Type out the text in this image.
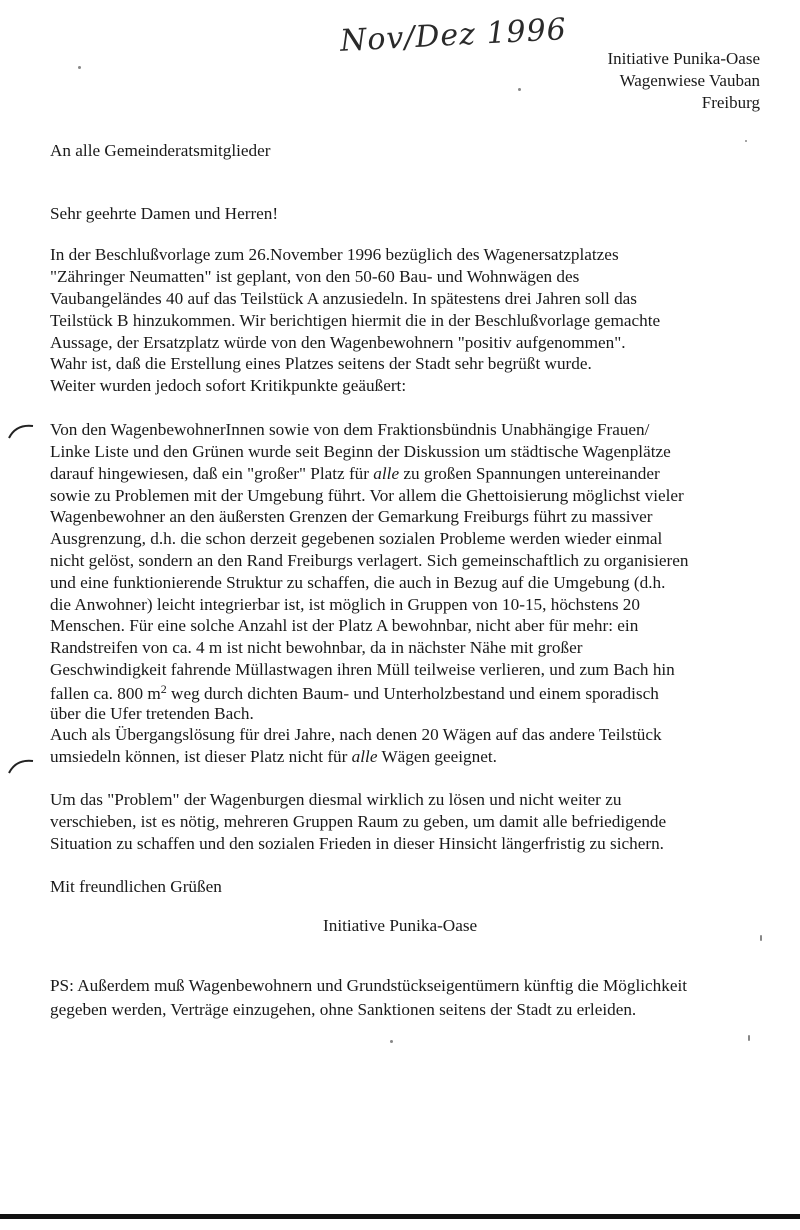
Nov/Dez 1996 Initiative Punika-Oase
Wagenwiese Vauban
Freiburg
An alle Gemeinderatsmitglieder
Sehr geehrte Damen und Herren!
In der Beschlußvorlage zum 26.November 1996 bezüglich des Wagenersatzplatzes
"Zähringer Neumatten" ist geplant, von den 50-60 Bau- und Wohnwägen des
Vaubangeländes 40 auf das Teilstück A anzusiedeln. In spätestens drei Jahren soll das
Teilstück B hinzukommen. Wir berichtigen hiermit die in der Beschlußvorlage gemachte
Aussage, der Ersatzplatz würde von den Wagenbewohnern "positiv aufgenommen".
Wahr ist, daß die Erstellung eines Platzes seitens der Stadt sehr begrüßt wurde.
Weiter wurden jedoch sofort Kritikpunkte geäußert:
Von den WagenbewohnerInnen sowie von dem Fraktionsbündnis Unabhängige Frauen/
Linke Liste und den Grünen wurde seit Beginn der Diskussion um städtische Wagenplätze
darauf hingewiesen, daß ein "großer" Platz für alle zu großen Spannungen untereinander
sowie zu Problemen mit der Umgebung führt. Vor allem die Ghettoisierung möglichst vieler
Wagenbewohner an den äußersten Grenzen der Gemarkung Freiburgs führt zu massiver
Ausgrenzung, d.h. die schon derzeit gegebenen sozialen Probleme werden wieder einmal
nicht gelöst, sondern an den Rand Freiburgs verlagert. Sich gemeinschaftlich zu organisieren
und eine funktionierende Struktur zu schaffen, die auch in Bezug auf die Umgebung (d.h.
die Anwohner) leicht integrierbar ist, ist möglich in Gruppen von 10-15, höchstens 20
Menschen. Für eine solche Anzahl ist der Platz A bewohnbar, nicht aber für mehr: ein
Randstreifen von ca. 4 m ist nicht bewohnbar, da in nächster Nähe mit großer
Geschwindigkeit fahrende Müllastwagen ihren Müll teilweise verlieren, und zum Bach hin
fallen ca. 800 $m^2$ weg durch dichten Baum- und Unterholzbestand und einem sporadisch
über die Ufer tretenden Bach.
Auch als Übergangslösung für drei Jahre, nach denen 20 Wägen auf das andere Teilstück
umsiedeln können, ist dieser Platz nicht für alle Wägen geeignet.
Um das "Problem" der Wagenburgen diesmal wirklich zu lösen und nicht weiter zu
verschieben, ist es nötig, mehreren Gruppen Raum zu geben, um damit alle befriedigende
Situation zu schaffen und den sozialen Frieden in dieser Hinsicht längerfristig zu sichern.
Mit freundlichen Grüßen
Initiative Punika-Oase
PS: Außerdem muß Wagenbewohnern und Grundstückseigentümern künftig die Möglichkeit
gegeben werden, Verträge einzugehen, ohne Sanktionen seitens der Stadt zu erleiden.
